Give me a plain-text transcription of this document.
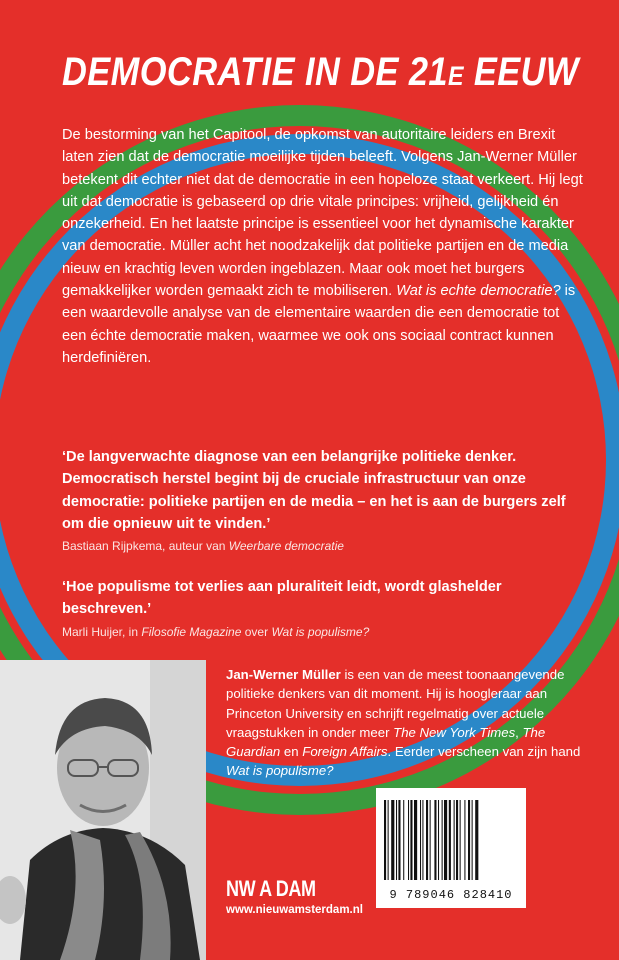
DEMOCRATIE IN DE 21E EEUW

De bestorming van het Capitool, de opkomst van autoritaire leiders en Brexit laten zien dat de democratie moeilijke tijden beleeft. Volgens Jan-Werner Müller betekent dit echter niet dat de democratie in een hopeloze staat verkeert. Hij legt uit dat democratie is gebaseerd op drie vitale principes: vrijheid, gelijkheid én onzekerheid. En het laatste principe is essentieel voor het dynamische karakter van democratie. Müller acht het noodzakelijk dat politieke partijen en de media nieuw en krachtig leven worden ingeblazen. Maar ook moet het burgers gemakkelijker worden gemaakt zich te mobiliseren. Wat is echte democratie? is een waardevolle analyse van de elementaire waarden die een democratie tot een échte democratie maken, waarmee we ook ons sociaal contract kunnen herdefiniëren.

‘De langverwachte diagnose van een belangrijke politieke denker. Democratisch herstel begint bij de cruciale infrastructuur van onze democratie: politieke partijen en de media – en het is aan de burgers zelf om die opnieuw uit te vinden.’

Bastiaan Rijpkema, auteur van Weerbare democratie

‘Hoe populisme tot verlies aan pluraliteit leidt, wordt glashelder beschreven.’

Marli Huijer, in Filosofie Magazine over Wat is populisme?

Jan-Werner Müller is een van de meest toonaangevende politieke denkers van dit moment. Hij is hoogleraar aan Princeton University en schrijft regelmatig over actuele vraagstukken in onder meer The New York Times, The Guardian en Foreign Affairs. Eerder verscheen van zijn hand Wat is populisme?

9 789046 828410
NW A DAM
www.nieuwamsterdam.nl
